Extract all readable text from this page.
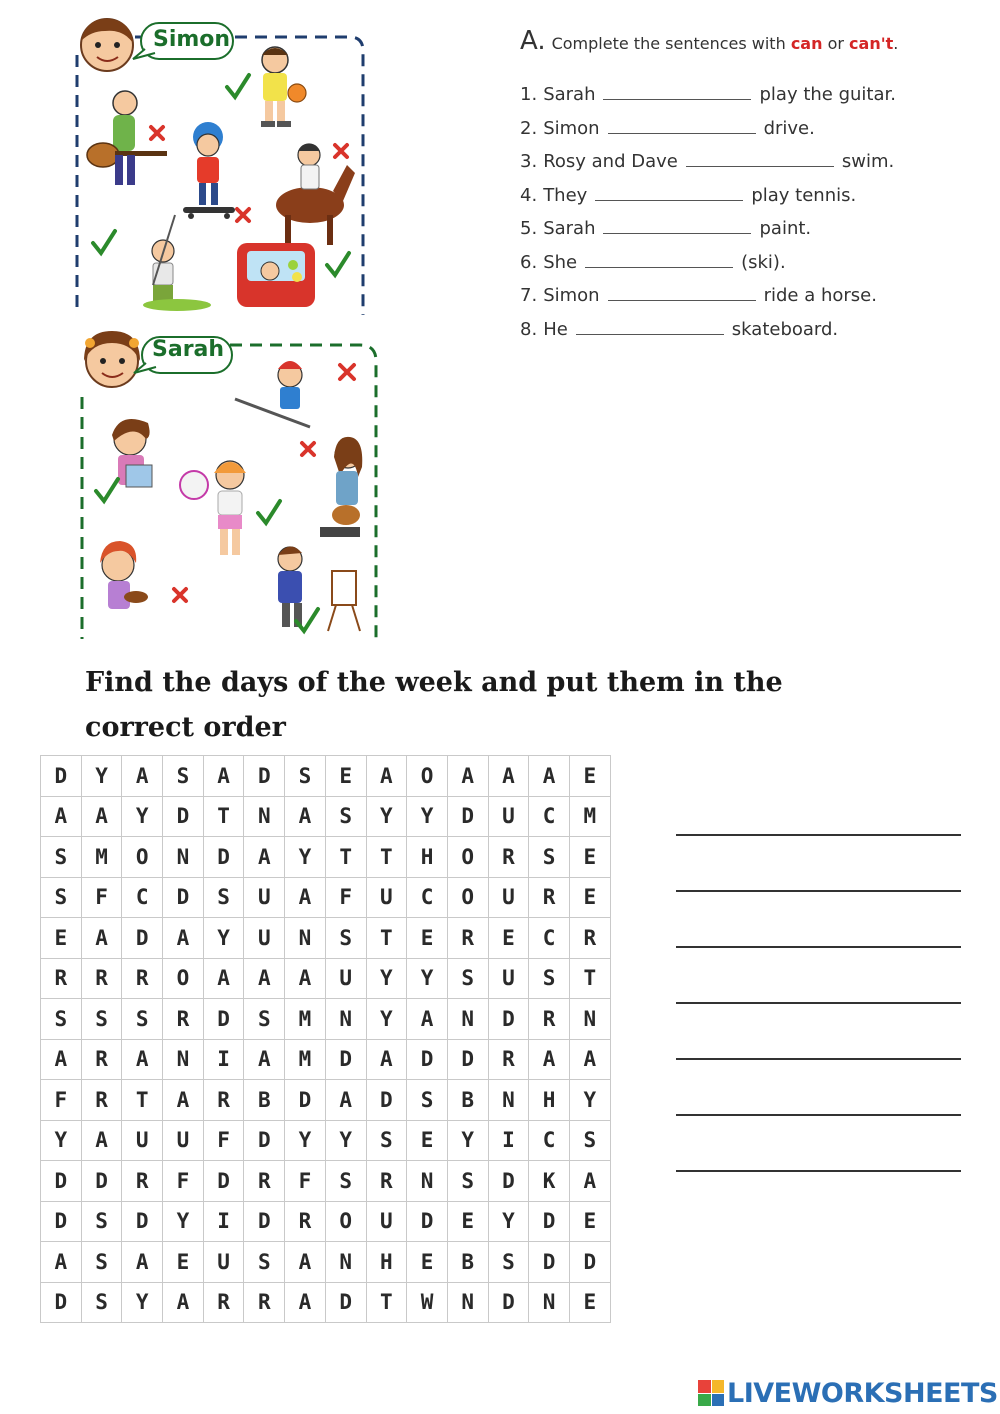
Simon
Sarah
A. Complete the sentences with can or can't.
1. Sarah	play the guitar.
2. Simon	drive.
3. Rosy and Dave	swim.
4. They	play tennis.
5. Sarah	paint.
6. She	(ski).
7. Simon	ride a horse.
8. He	skateboard.
Find the days of the week and put them in the correct order
D	Y	A	S	A	D	S	E	A	O	A	A	A	E
A	A	Y	D	T	N	A	S	Y	Y	D	U	C	M
S	M	O	N	D	A	Y	T	T	H	O	R	S	E
S	F	C	D	S	U	A	F	U	C	O	U	R	E
E	A	D	A	Y	U	N	S	T	E	R	E	C	R
R	R	R	O	A	A	A	U	Y	Y	S	U	S	T
S	S	S	R	D	S	M	N	Y	A	N	D	R	N
A	R	A	N	I	A	M	D	A	D	D	R	A	A
F	R	T	A	R	B	D	A	D	S	B	N	H	Y
Y	A	U	U	F	D	Y	Y	S	E	Y	I	C	S
D	D	R	F	D	R	F	S	R	N	S	D	K	A
D	S	D	Y	I	D	R	O	U	D	E	Y	D	E
A	S	A	E	U	S	A	N	H	E	B	S	D	D
D	S	Y	A	R	R	A	D	T	W	N	D	N	E
LIVEWORKSHEETS
